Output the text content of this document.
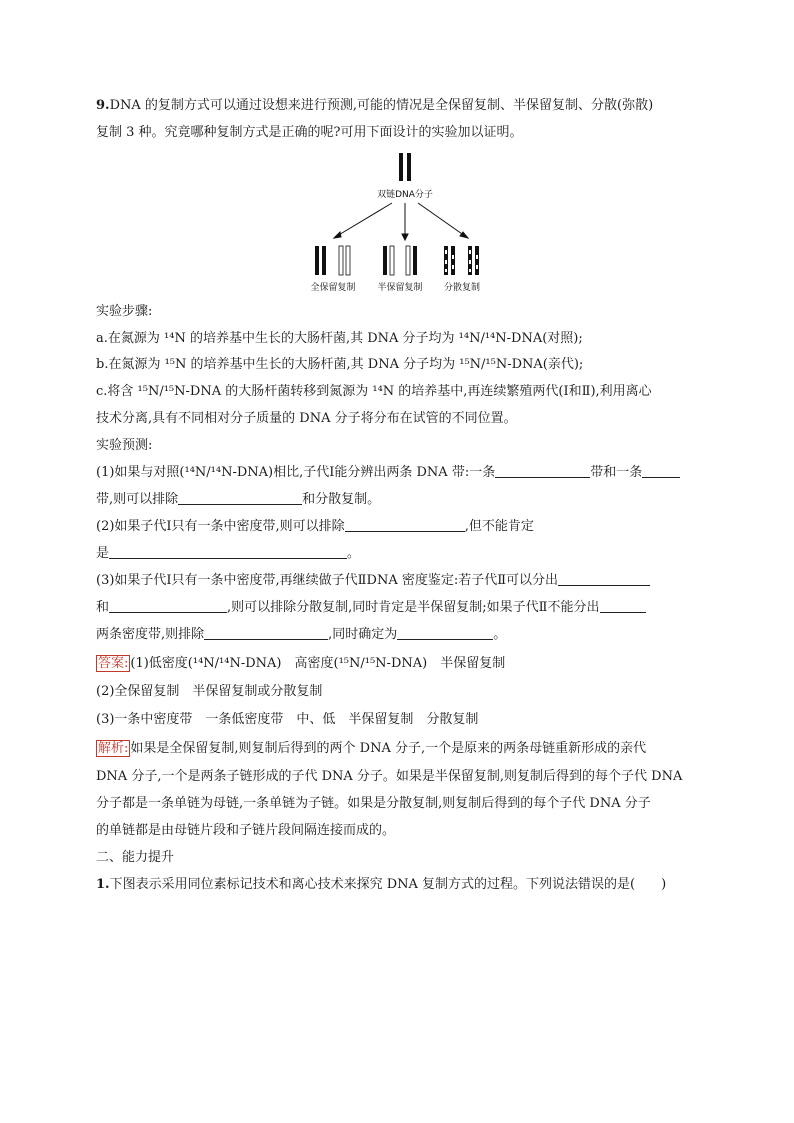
9.DNA 的复制方式可以通过设想来进行预测,可能的情况是全保留复制、半保留复制、分散(弥散)
复制 3 种。究竟哪种复制方式是正确的呢?可用下面设计的实验加以证明。
双链DNA分子
全保留复制 半保留复制 分散复制
实验步骤:
a.在氮源为 ¹⁴N 的培养基中生长的大肠杆菌,其 DNA 分子均为 ¹⁴N/¹⁴N-DNA(对照);
b.在氮源为 ¹⁵N 的培养基中生长的大肠杆菌,其 DNA 分子均为 ¹⁵N/¹⁵N-DNA(亲代);
c.将含 ¹⁵N/¹⁵N-DNA 的大肠杆菌转移到氮源为 ¹⁴N 的培养基中,再连续繁殖两代(Ⅰ和Ⅱ),利用离心
技术分离,具有不同相对分子质量的 DNA 分子将分布在试管的不同位置。
实验预测:
(1)如果与对照(¹⁴N/¹⁴N-DNA)相比,子代Ⅰ能分辨出两条 DNA 带:一条	带和一条
带,则可以排除	和分散复制。
(2)如果子代Ⅰ只有一条中密度带,则可以排除	,但不能肯定
是	。
(3)如果子代Ⅰ只有一条中密度带,再继续做子代ⅡDNA 密度鉴定:若子代Ⅱ可以分出
和	,则可以排除分散复制,同时肯定是半保留复制;如果子代Ⅱ不能分出
两条密度带,则排除	,同时确定为	。
答案: (1)低密度(¹⁴N/¹⁴N-DNA)　高密度(¹⁵N/¹⁵N-DNA)　半保留复制
(2)全保留复制　半保留复制或分散复制
(3)一条中密度带　一条低密度带　中、低　半保留复制　分散复制
解析: 如果是全保留复制,则复制后得到的两个 DNA 分子,一个是原来的两条母链重新形成的亲代
DNA 分子,一个是两条子链形成的子代 DNA 分子。如果是半保留复制,则复制后得到的每个子代 DNA
分子都是一条单链为母链,一条单链为子链。如果是分散复制,则复制后得到的每个子代 DNA 分子
的单链都是由母链片段和子链片段间隔连接而成的。
二、能力提升
1.下图表示采用同位素标记技术和离心技术来探究 DNA 复制方式的过程。下列说法错误的是(　　)
